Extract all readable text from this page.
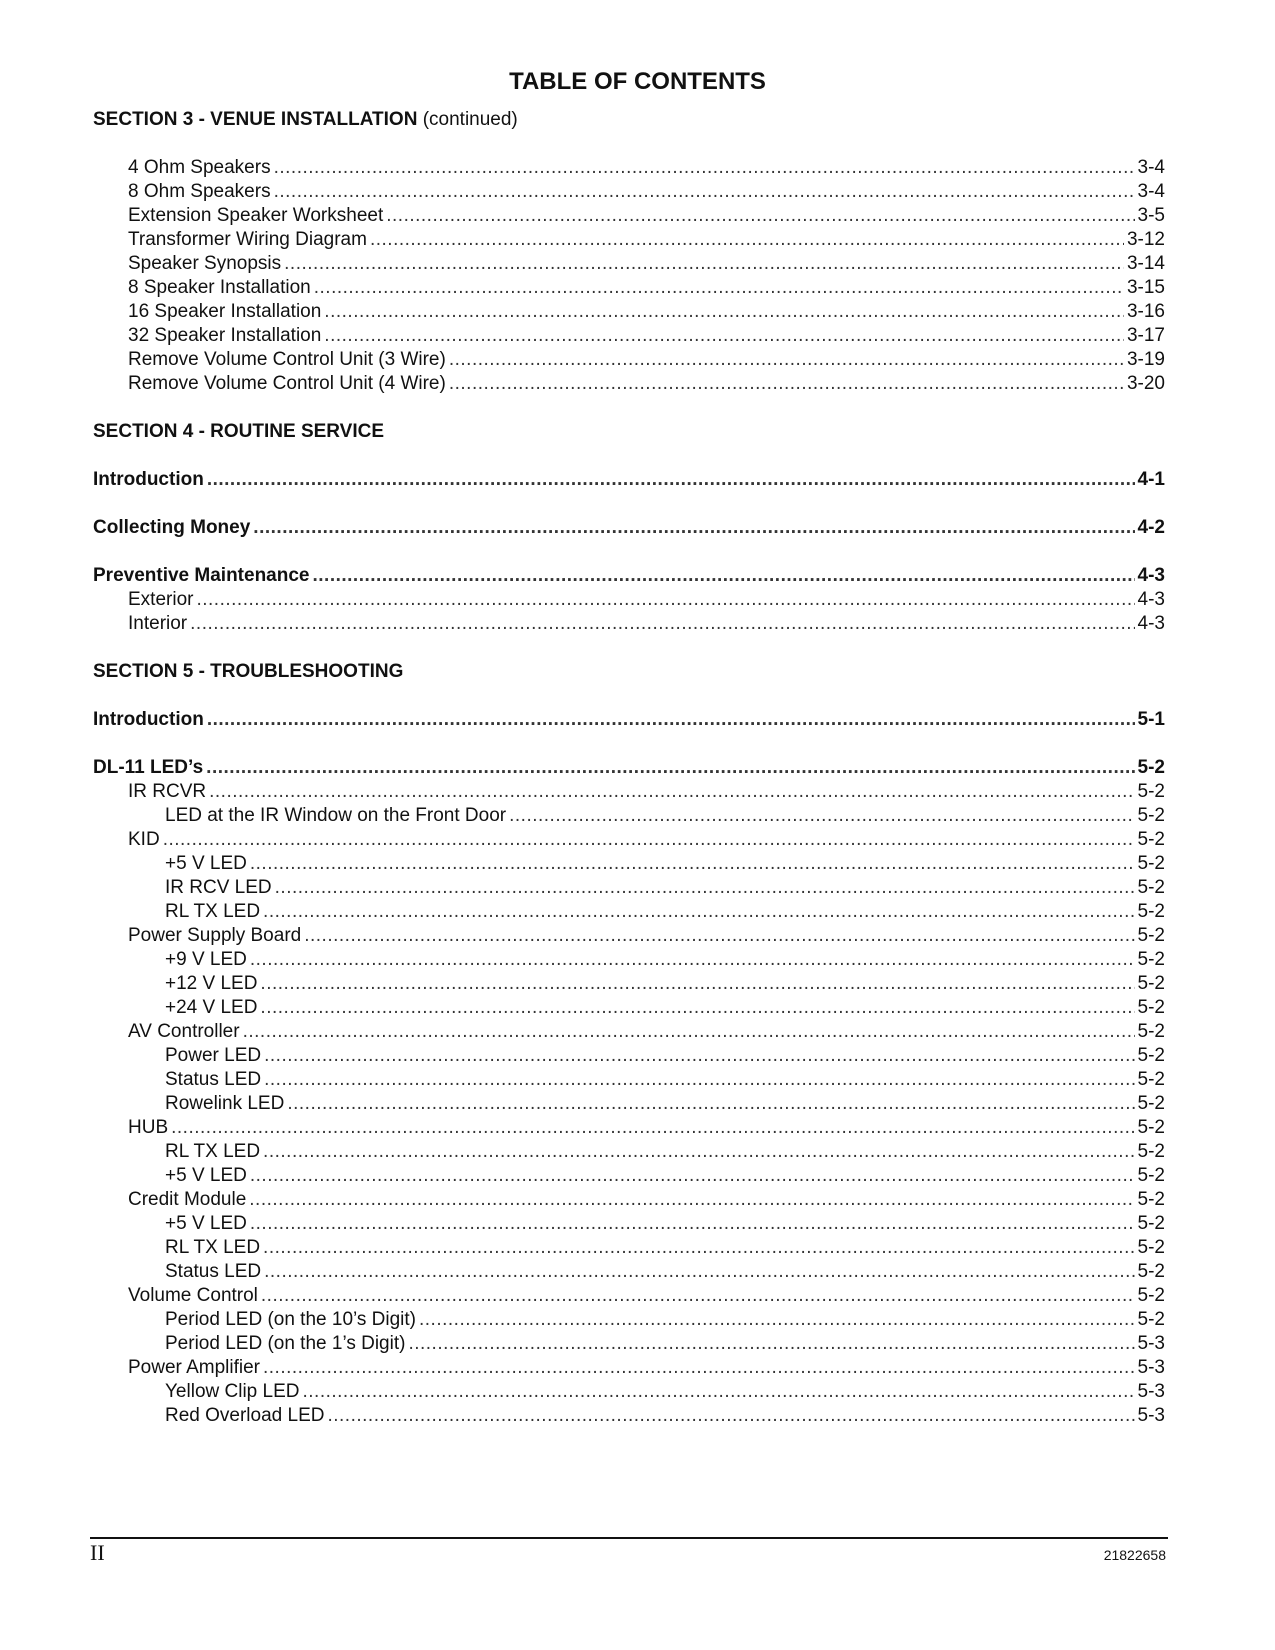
TABLE OF CONTENTS
SECTION 3 - VENUE INSTALLATION (continued)
4 Ohm Speakers .....	3-4
8 Ohm Speakers .....	3-4
Extension Speaker Worksheet .....	3-5
Transformer Wiring Diagram .....	3-12
Speaker Synopsis .....	3-14
8 Speaker Installation .....	3-15
16 Speaker Installation .....	3-16
32 Speaker Installation .....	3-17
Remove Volume Control Unit (3 Wire) .....	3-19
Remove Volume Control Unit (4 Wire) .....	3-20
SECTION 4 - ROUTINE SERVICE
Introduction .....	4-1
Collecting Money .....	4-2
Preventive Maintenance .....	4-3
Exterior .....	4-3
Interior .....	4-3
SECTION 5 - TROUBLESHOOTING
Introduction .....	5-1
DL-11 LED’s .....	5-2
IR RCVR .....	5-2
LED at the IR Window on the Front Door .....	5-2
KID .....	5-2
+5 V LED .....	5-2
IR RCV LED .....	5-2
RL TX LED .....	5-2
Power Supply Board .....	5-2
+9 V LED .....	5-2
+12 V LED .....	5-2
+24 V LED .....	5-2
AV Controller .....	5-2
Power LED .....	5-2
Status LED .....	5-2
Rowelink LED .....	5-2
HUB .....	5-2
RL TX LED .....	5-2
+5 V LED .....	5-2
Credit Module .....	5-2
+5 V LED .....	5-2
RL TX LED .....	5-2
Status LED .....	5-2
Volume Control .....	5-2
Period LED (on the 10’s Digit) .....	5-2
Period LED (on the 1’s Digit) .....	5-3
Power Amplifier .....	5-3
Yellow Clip LED .....	5-3
Red Overload LED .....	5-3
II	21822658
